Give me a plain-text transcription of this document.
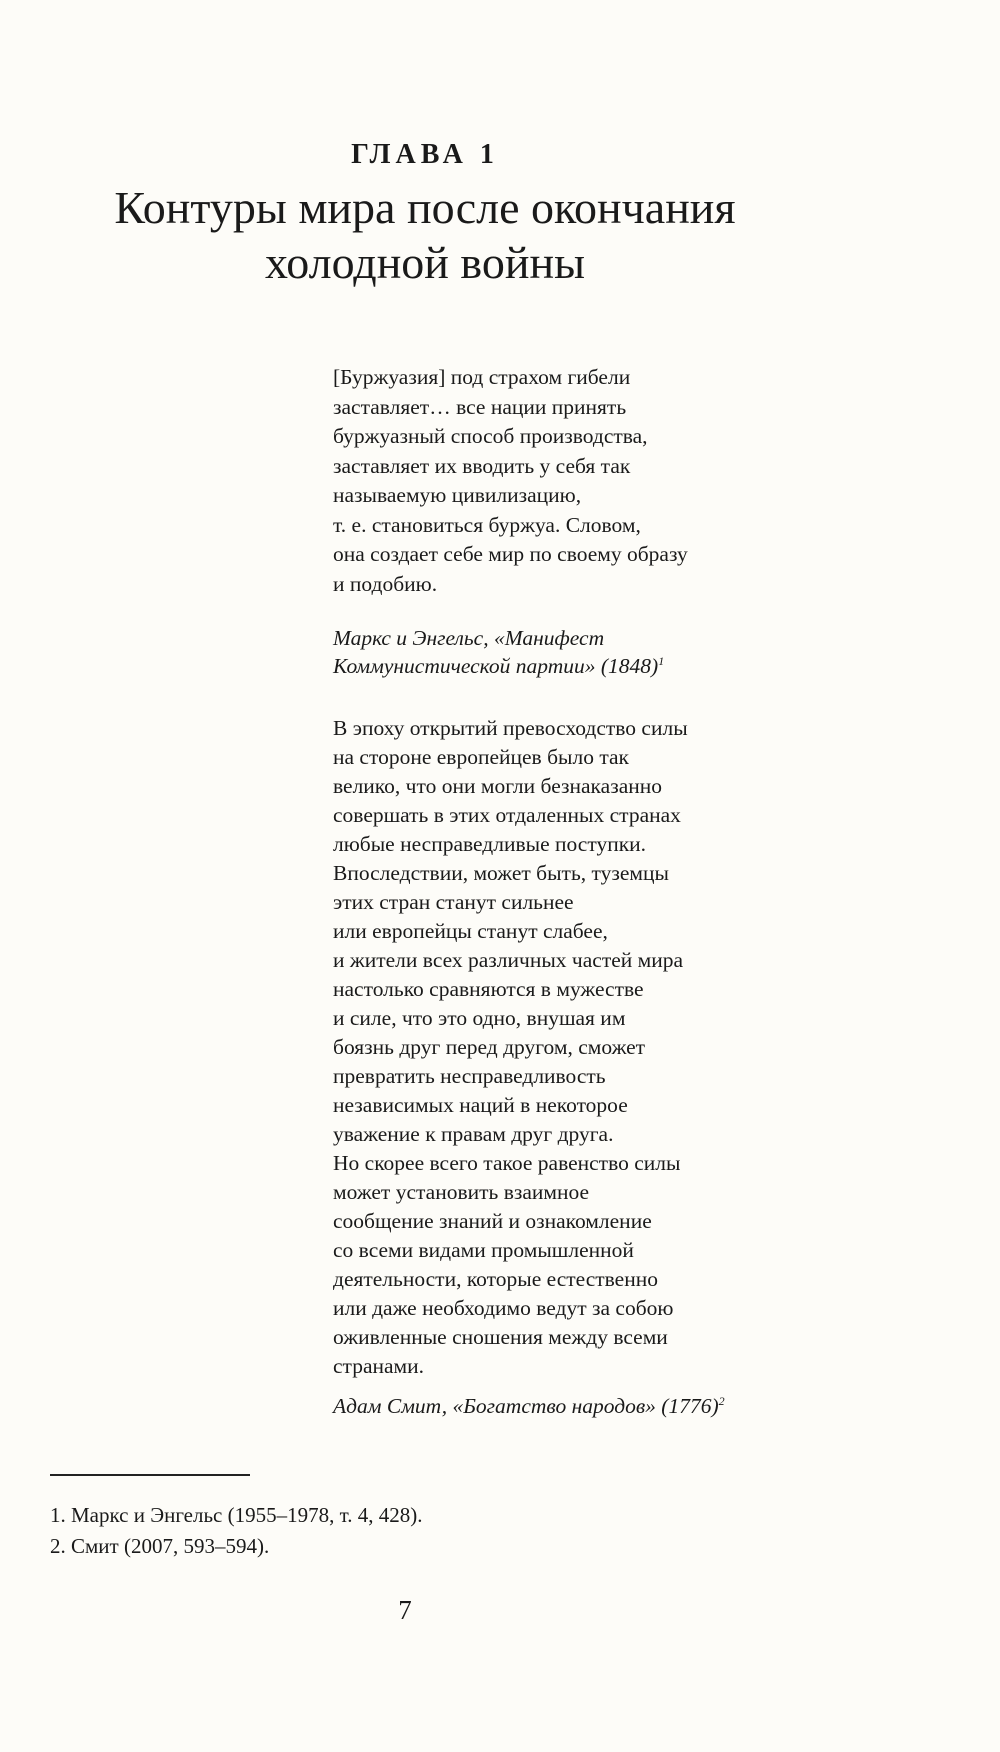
ГЛАВА 1
Контуры мира после окончания
холодной войны
[Буржуазия] под страхом гибели
заставляет… все нации принять
буржуазный способ производства,
заставляет их вводить у себя так
называемую цивилизацию,
т. е. становиться буржуа. Словом,
она создает себе мир по своему образу
и подобию.
Маркс и Энгельс, «Манифест
Коммунистической партии» $(1848)^1$
В эпоху открытий превосходство силы
на стороне европейцев было так
велико, что они могли безнаказанно
совершать в этих отдаленных странах
любые несправедливые поступки.
Впоследствии, может быть, туземцы
этих стран станут сильнее
или европейцы станут слабее,
и жители всех различных частей мира
настолько сравняются в мужестве
и силе, что это одно, внушая им
боязнь друг перед другом, сможет
превратить несправедливость
независимых наций в некоторое
уважение к правам друг друга.
Но скорее всего такое равенство силы
может установить взаимное
сообщение знаний и ознакомление
со всеми видами промышленной
деятельности, которые естественно
или даже необходимо ведут за собою
оживленные сношения между всеми
странами.
Адам Смит, «Богатство народов» $(1776)^2$
1. Маркс и Энгельс (1955–1978, т. 4, 428).
2. Смит (2007, 593–594).
7
